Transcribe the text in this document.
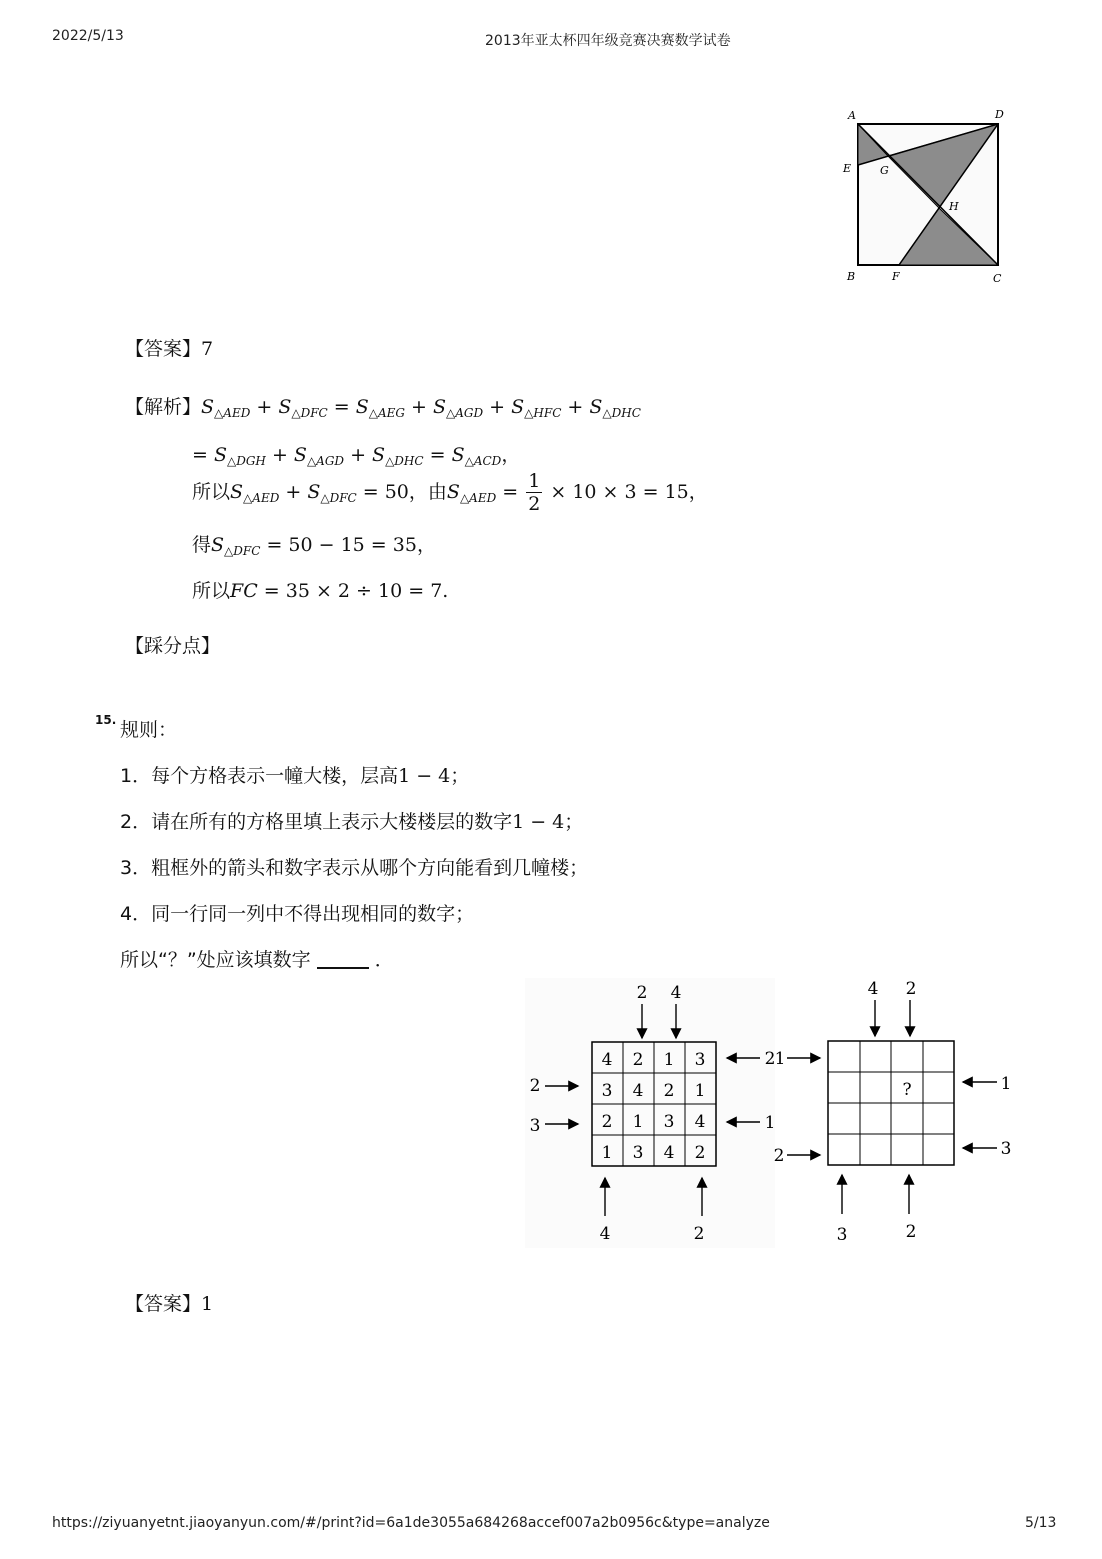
2022/5/13	2013年亚太杯四年级竞赛决赛数学试卷
A	D
E	G
H
B	F	C
【答案】7
【解析】$S_{\triangle AED} + S_{\triangle DFC} = S_{\triangle AEG} + S_{\triangle AGD} + S_{\triangle HFC} + S_{\triangle DHC}$
= $S_{\triangle DGH} + S_{\triangle AGD} + S_{\triangle DHC} = S_{\triangle ACD}$，
所以$S_{\triangle AED} + S_{\triangle DFC} = 50$，由$S_{\triangle AED} = \frac{1}{2} \times 10 \times 3 = 15$，
得$S_{\triangle DFC} = 50 - 15 = 35$，
所以FC = 35 × 2 ÷ 10 = 7.
【踩分点】
15. 规则：
1．每个方格表示一幢大楼，层高1 − 4；
2．请在所有的方格里填上表示大楼楼层的数字1 − 4；
3．粗框外的箭头和数字表示从哪个方向能看到几幢楼；
4．同一行同一列中不得出现相同的数字；
所以“？”处应该填数字	．
4 2 1 3
3 4 2 1
2 1 3 4
1 3 4 2
2 4
2
3
2
1
4	2
?
4 2
1
2
1
3
3	2
【答案】1
https://ziyuanyetnt.jiaoyanyun.com/#/print?id=6a1de3055a684268accef007a2b0956c&type=analyze	5/13
